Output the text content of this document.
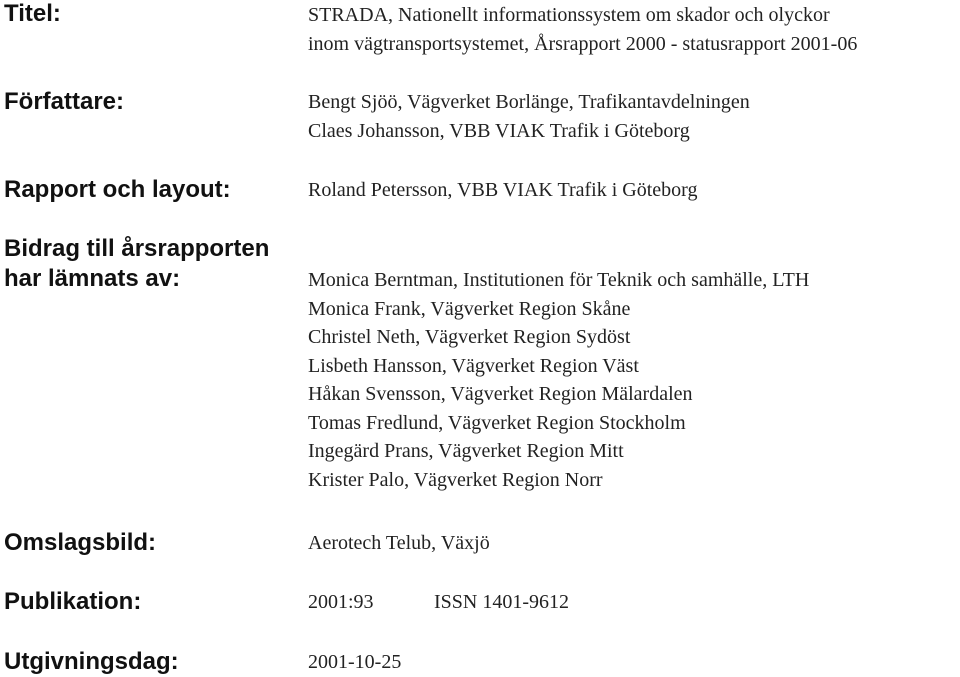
Titel:
Författare:
Rapport och layout:
Bidrag till årsrapporten
har lämnats av:
Omslagsbild:
Publikation:
Utgivningsdag:
STRADA, Nationellt informationssystem om skador och olyckor
inom vägtransportsystemet, Årsrapport 2000 - statusrapport 2001-06
Bengt Sjöö, Vägverket Borlänge, Trafikantavdelningen
Claes Johansson, VBB VIAK Trafik i Göteborg
Roland Petersson, VBB VIAK Trafik i Göteborg
Monica Berntman, Institutionen för Teknik och samhälle, LTH
Monica Frank, Vägverket Region Skåne
Christel Neth, Vägverket Region Sydöst
Lisbeth Hansson, Vägverket Region Väst
Håkan Svensson, Vägverket Region Mälardalen
Tomas Fredlund, Vägverket Region Stockholm
Ingegärd Prans, Vägverket Region Mitt
Krister Palo, Vägverket Region Norr
Aerotech Telub, Växjö
2001:93	ISSN 1401-9612
2001-10-25
